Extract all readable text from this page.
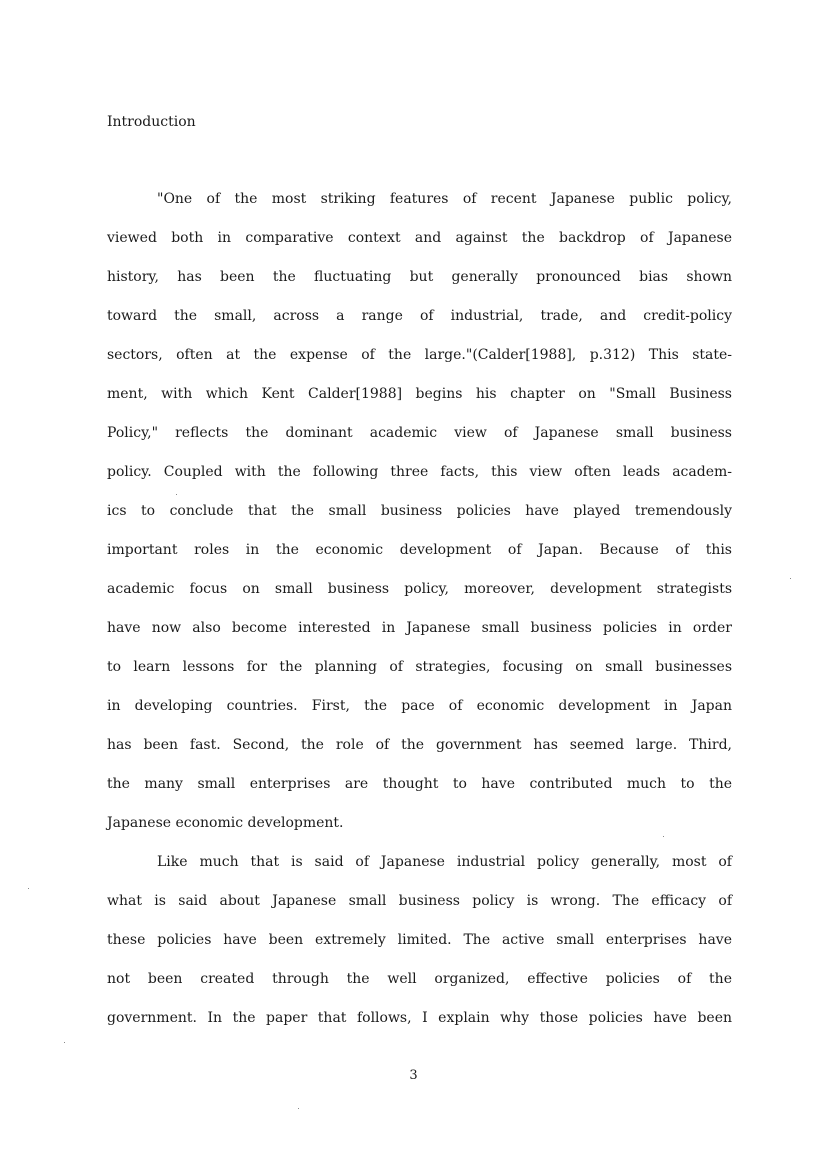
Introduction
"One of the most striking features of recent Japanese public policy,
viewed both in comparative context and against the backdrop of Japanese
history, has been the fluctuating but generally pronounced bias shown
toward the small, across a range of industrial, trade, and credit-policy
sectors, often at the expense of the large."(Calder[1988], p.312) This state-
ment, with which Kent Calder[1988] begins his chapter on "Small Business
Policy," reflects the dominant academic view of Japanese small business
policy. Coupled with the following three facts, this view often leads academ-
ics to conclude that the small business policies have played tremendously
important roles in the economic development of Japan. Because of this
academic focus on small business policy, moreover, development strategists
have now also become interested in Japanese small business policies in order
to learn lessons for the planning of strategies, focusing on small businesses
in developing countries. First, the pace of economic development in Japan
has been fast. Second, the role of the government has seemed large. Third,
the many small enterprises are thought to have contributed much to the
Japanese economic development.
Like much that is said of Japanese industrial policy generally, most of
what is said about Japanese small business policy is wrong. The efficacy of
these policies have been extremely limited. The active small enterprises have
not been created through the well organized, effective policies of the
government. In the paper that follows, I explain why those policies have been
3
